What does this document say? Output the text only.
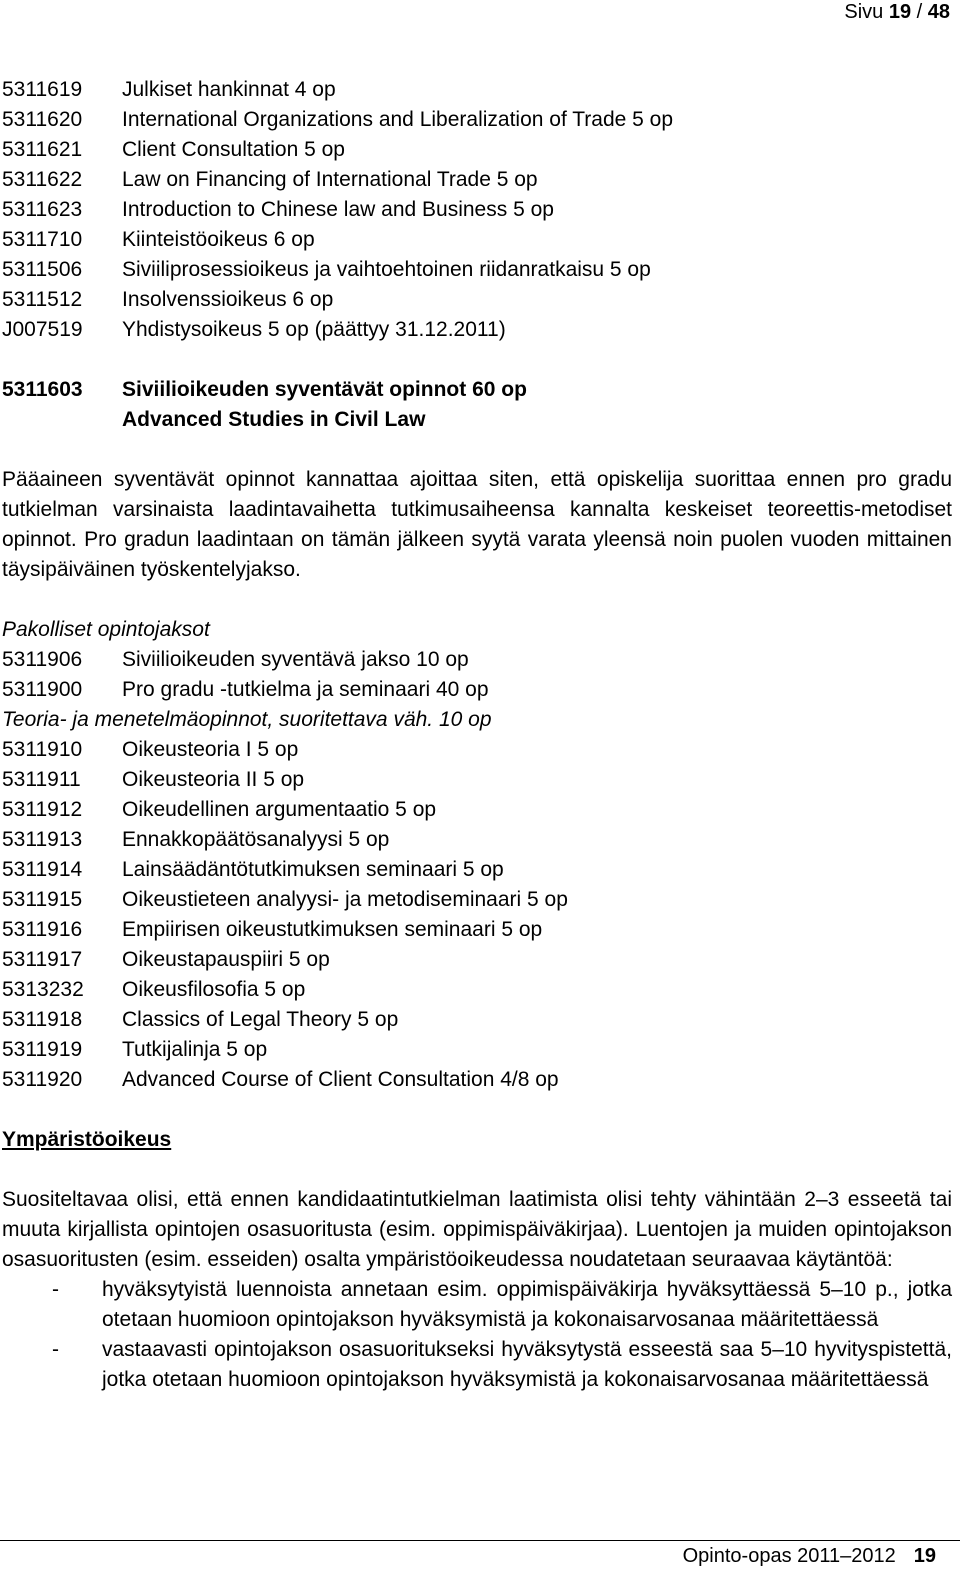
Sivu 19 / 48
5311619	Julkiset hankinnat 4 op
5311620	International Organizations and Liberalization of Trade 5 op
5311621	Client Consultation 5 op
5311622	Law on Financing of International Trade 5 op
5311623	Introduction to Chinese law and Business 5 op
5311710	Kiinteistöoikeus 6 op
5311506	Siviiliprosessioikeus ja vaihtoehtoinen riidanratkaisu 5 op
5311512	Insolvenssioikeus 6 op
J007519	Yhdistysoikeus 5 op (päättyy 31.12.2011)
5311603	Siviilioikeuden syventävät opinnot 60 op
Advanced Studies in Civil Law

Pääaineen syventävät opinnot kannattaa ajoittaa siten, että opiskelija suorittaa ennen pro gradu tutkielman varsinaista laadintavaihetta tutkimusaiheensa kannalta keskeiset teoreettis-metodiset opinnot. Pro gradun laadintaan on tämän jälkeen syytä varata yleensä noin puolen vuoden mittainen täysipäiväinen työskentelyjakso.

Pakolliset opintojaksot
5311906	Siviilioikeuden syventävä jakso 10 op
5311900	Pro gradu -tutkielma ja seminaari 40 op
Teoria- ja menetelmäopinnot, suoritettava väh. 10 op
5311910	Oikeusteoria I 5 op
5311911	Oikeusteoria II 5 op
5311912	Oikeudellinen argumentaatio 5 op
5311913	Ennakkopäätösanalyysi 5 op
5311914	Lainsäädäntötutkimuksen seminaari 5 op
5311915	Oikeustieteen analyysi- ja metodiseminaari 5 op
5311916	Empiirisen oikeustutkimuksen seminaari 5 op
5311917	Oikeustapauspiiri 5 op
5313232	Oikeusfilosofia 5 op
5311918	Classics of Legal Theory 5 op
5311919	Tutkijalinja 5 op
5311920	Advanced Course of Client Consultation 4/8 op
Ympäristöoikeus

Suositeltavaa olisi, että ennen kandidaatintutkielman laatimista olisi tehty vähintään 2–3 esseetä tai muuta kirjallista opintojen osasuoritusta (esim. oppimispäiväkirjaa). Luentojen ja muiden opintojakson osasuoritusten (esim. esseiden) osalta ympäristöoikeudessa noudatetaan seuraavaa käytäntöä:

-	hyväksytyistä luennoista annetaan esim. oppimispäiväkirja hyväksyttäessä 5–10 p., jotka otetaan huomioon opintojakson hyväksymistä ja kokonaisarvosanaa määritettäessä
-	vastaavasti opintojakson osasuoritukseksi hyväksytystä esseestä saa 5–10 hyvityspistettä, jotka otetaan huomioon opintojakson hyväksymistä ja kokonaisarvosanaa määritettäessä
Opinto-opas 2011–2012 19
